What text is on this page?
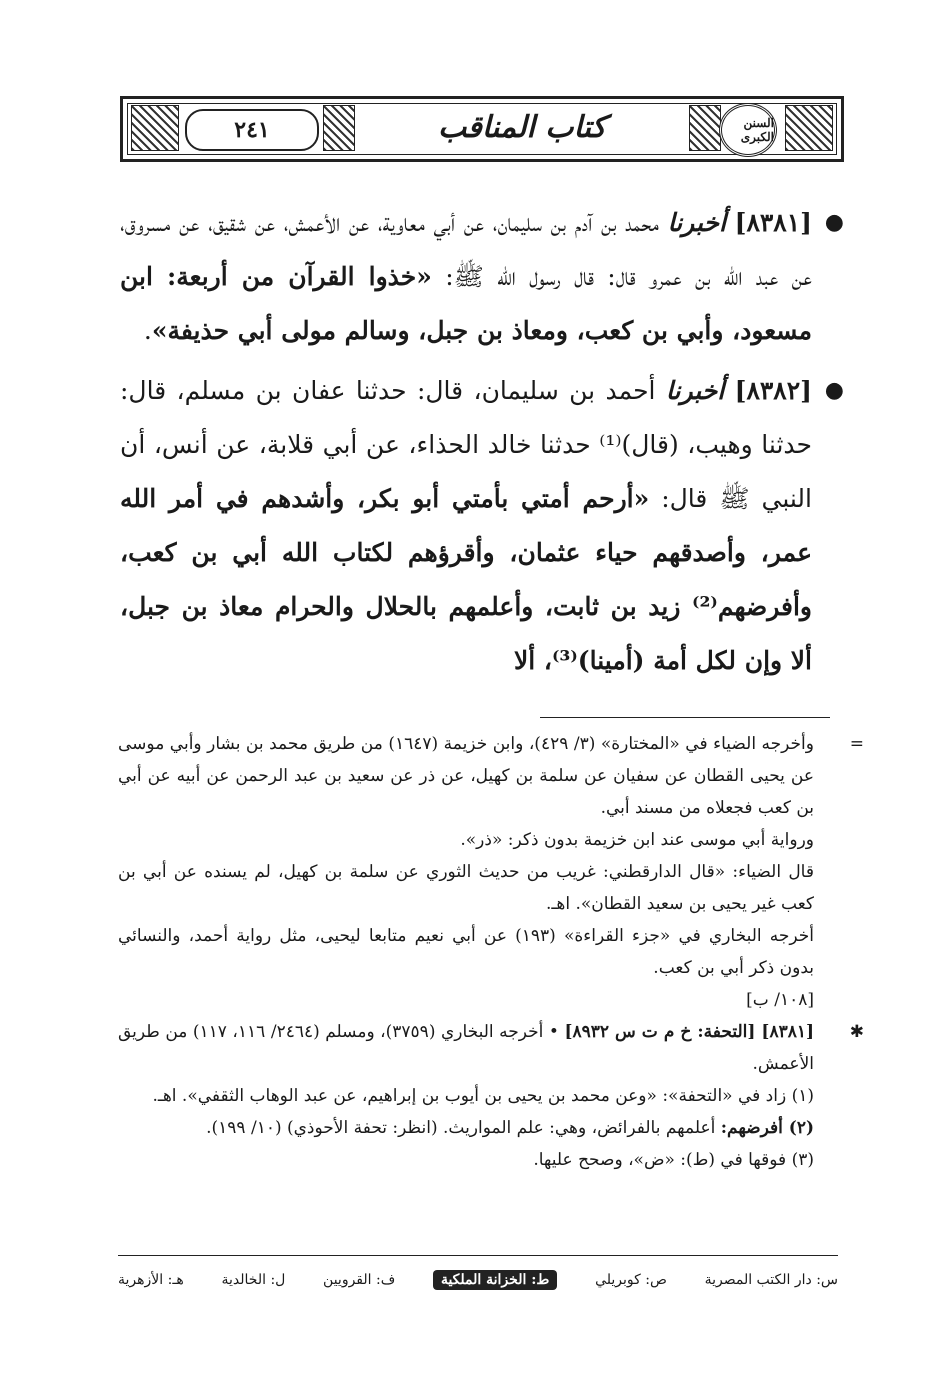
٢٤١	كتاب المناقب	السنن الكبرى
●
[٨٣٨١] أخبرنا محمد بن آدم بن سليمان، عن أبي معاوية، عن الأعمش، عن شقيق، عن مسروق، عن عبد الله بن عمرو قال: قال رسول الله ﷺ: «خذوا القرآن من أربعة: ابن مسعود، وأبي بن كعب، ومعاذ بن جبل، وسالم مولى أبي حذيفة».
●
[٨٣٨٢] أخبرنا أحمد بن سليمان، قال: حدثنا عفان بن مسلم، قال: حدثنا وهيب، (قال)⁽¹⁾ حدثنا خالد الحذاء، عن أبي قلابة، عن أنس، أن النبي ﷺ قال: «أرحم أمتي بأمتي أبو بكر، وأشدهم في أمر الله عمر، وأصدقهم حياء عثمان، وأقرؤهم لكتاب الله أبي بن كعب، وأفرضهم⁽²⁾ زيد بن ثابت، وأعلمهم بالحلال والحرام معاذ بن جبل، ألا وإن لكل أمة (أمينا)⁽³⁾، ألا
=

وأخرجه الضياء في «المختارة» (٣/ ٤٢٩)، وابن خزيمة (١٦٤٧) من طريق محمد بن بشار وأبي موسى عن يحيى القطان عن سفيان عن سلمة بن كهيل، عن ذر عن سعيد بن عبد الرحمن عن أبيه عن أبي بن كعب فجعلاه من مسند أبي.

ورواية أبي موسى عند ابن خزيمة بدون ذكر: «ذر».

قال الضياء: «قال الدارقطني: غريب من حديث الثوري عن سلمة بن كهيل، لم يسنده عن أبي بن كعب غير يحيى بن سعيد القطان». اهـ.

أخرجه البخاري في «جزء القراءة» (١٩٣) عن أبي نعيم متابعا ليحيى، مثل رواية أحمد، والنسائي بدون ذكر أبي بن كعب.

[١٠٨/ ب]

✱

[٨٣٨١] [التحفة: خ م ت س ٨٩٣٢] • أخرجه البخاري (٣٧٥٩)، ومسلم (٢٤٦٤/ ١١٦، ١١٧) من طريق الأعمش.

(١) زاد في «التحفة»: «وعن محمد بن يحيى بن أيوب بن إبراهيم، عن عبد الوهاب الثقفي». اهـ.

(٢) أفرضهم: أعلمهم بالفرائض، وهي: علم المواريث. (انظر: تحفة الأحوذي) (١٠/ ١٩٩).

(٣) فوقها في (ط): «ض»، وصحح عليها.

س: دار الكتب المصرية
ص: كوبريلي
ط: الخزانة الملكية
ف: القرويين
ل: الخالدية
هـ: الأزهرية
